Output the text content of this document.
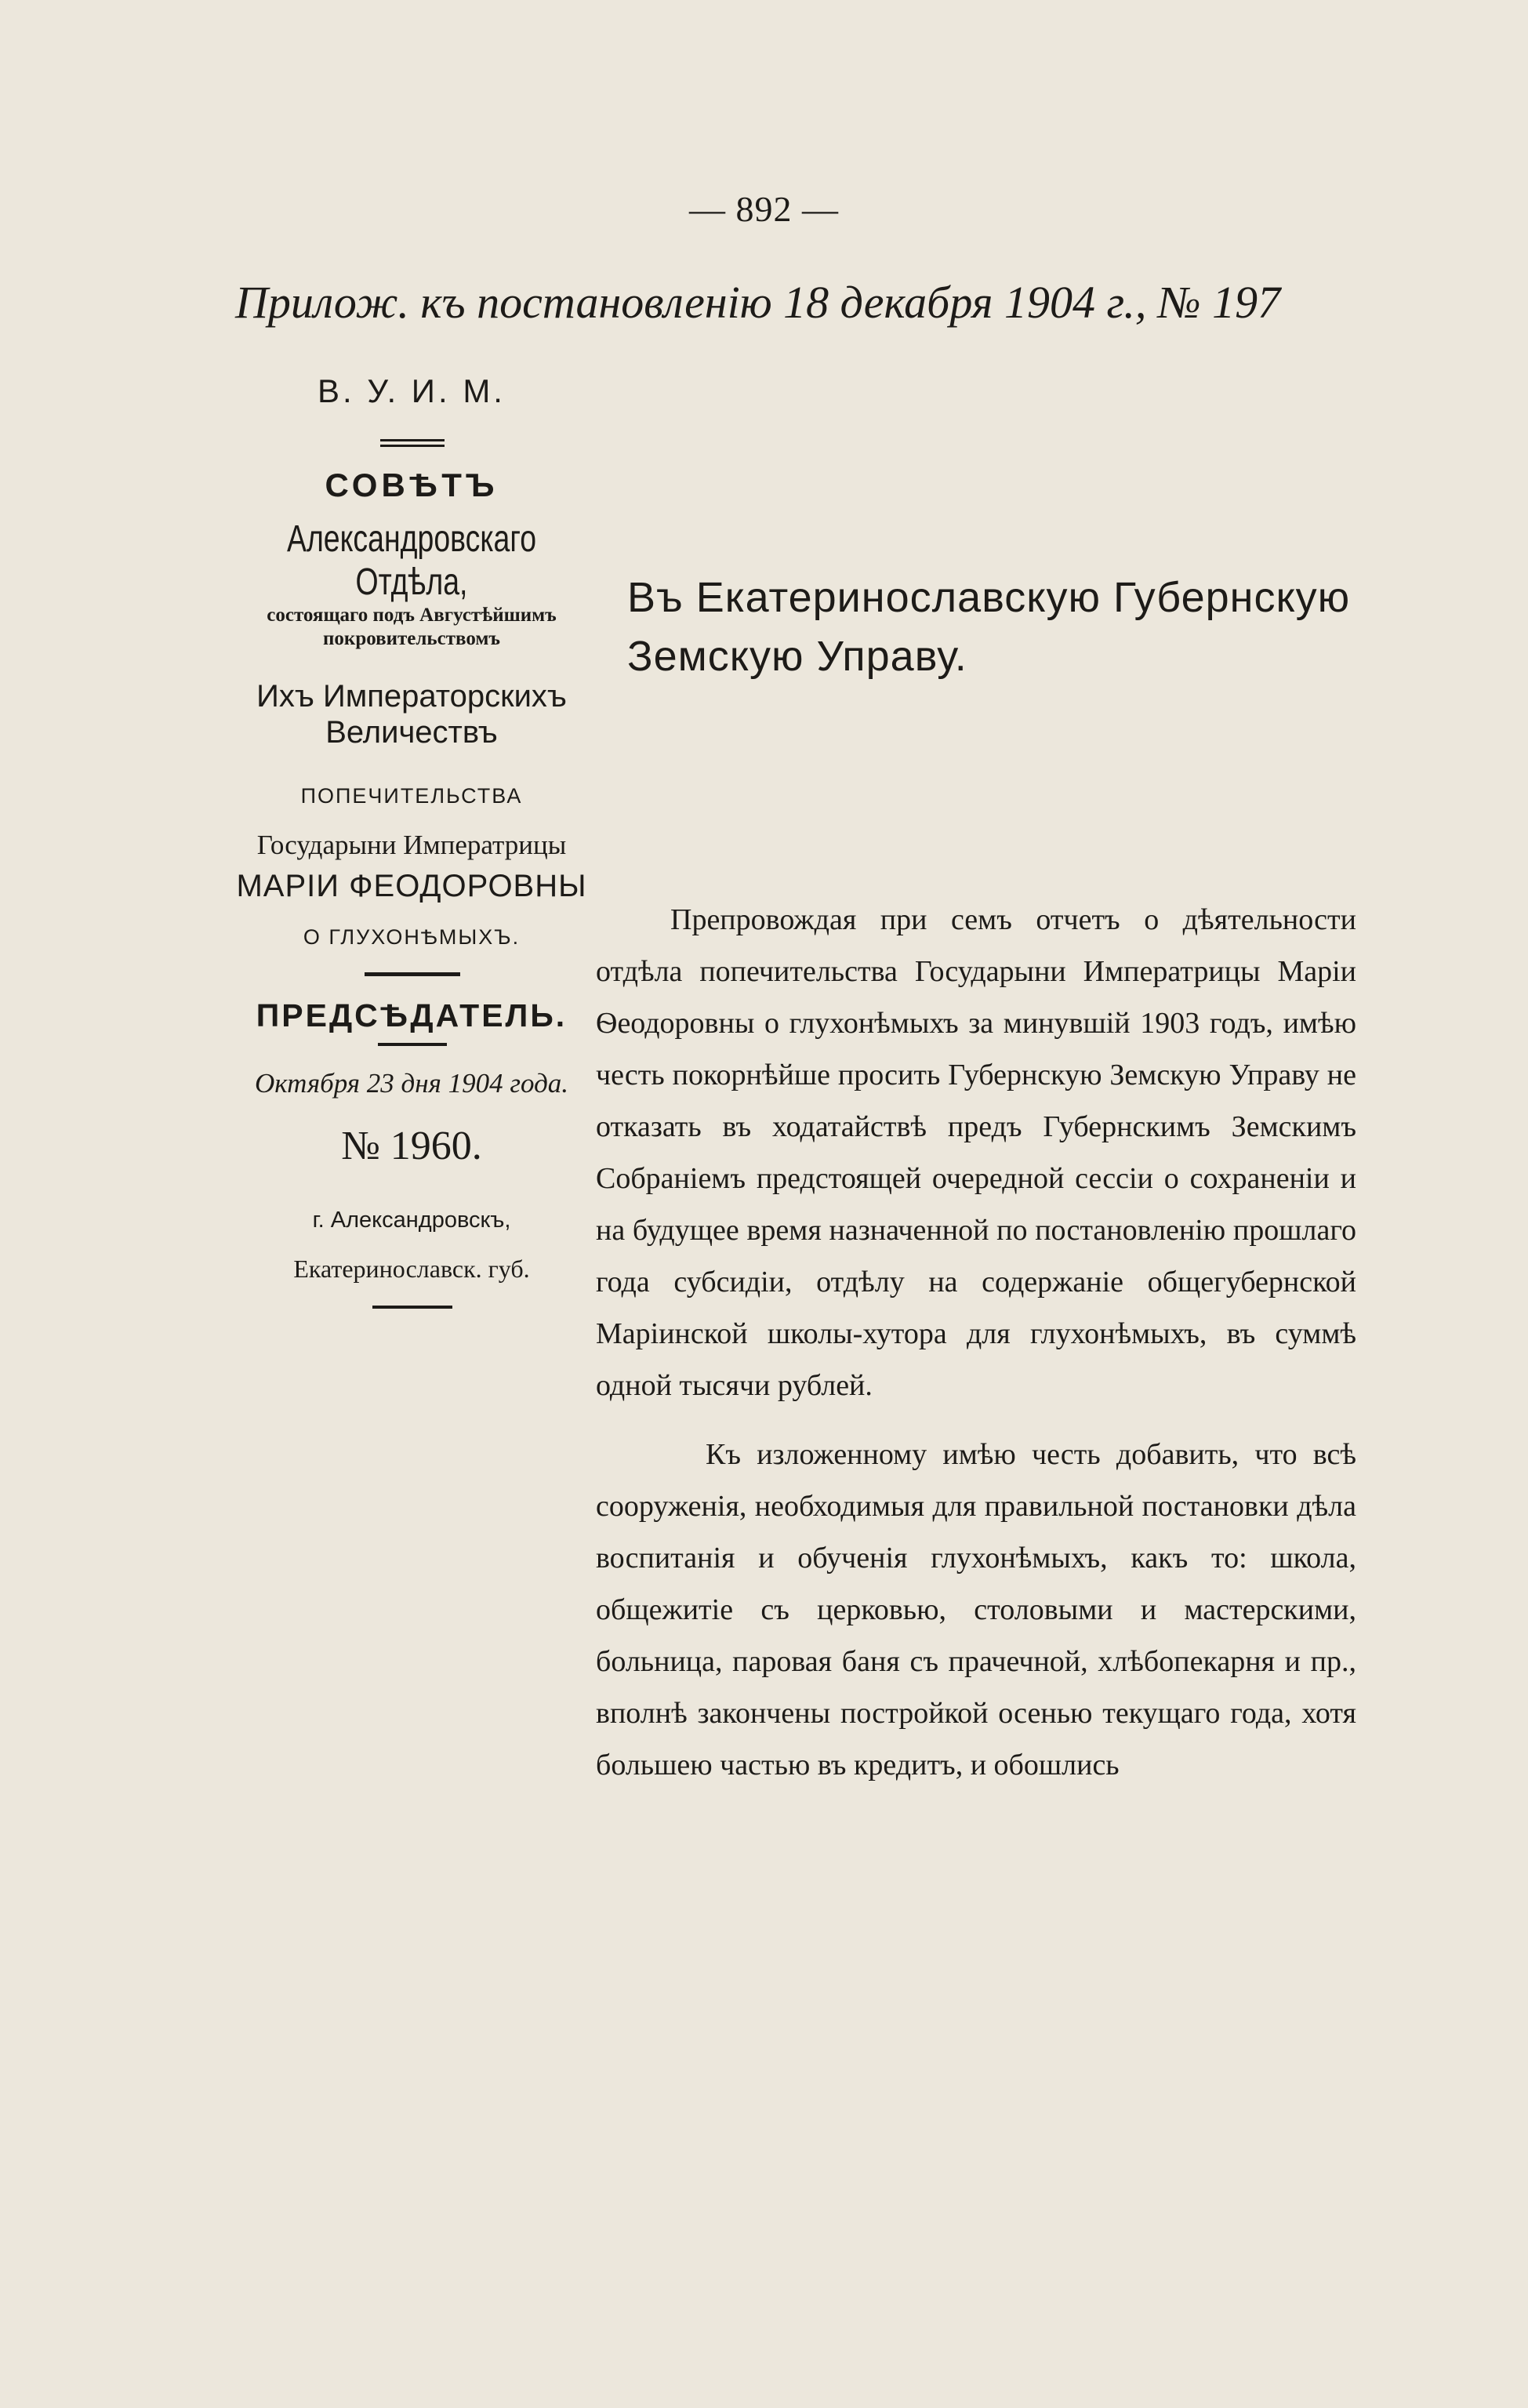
— 892 —
Прилож. къ постановленію 18 декабря 1904 г., № 197
В. У. И. М.
СОВѢТЪ
Александровскаго Отдѣла,
состоящаго подъ Августѣйшимъ покровительствомъ
Ихъ Императорскихъ
Величествъ
ПОПЕЧИТЕЛЬСТВА
Государыни Императрицы
МАРІИ ФЕОДОРОВНЫ
О ГЛУХОНѢМЫХЪ.
ПРЕДСѢДАТЕЛЬ.
Октября 23 дня 1904 года.
№ 1960.
г. Александровскъ,
Екатеринославск. губ.
Въ Екатеринославскую Губернскую Земскую Управу.

Препровождая при семъ отчетъ о дѣятельности отдѣла попечительства Государыни Императрицы Маріи Ѳеодоровны о глухонѣмыхъ за минувшій 1903 годъ, имѣю честь покорнѣйше просить Губернскую Земскую Управу не отказать въ ходатайствѣ предъ Губернскимъ Земскимъ Собраніемъ предстоящей очередной сессіи о сохраненіи и на будущее время назначенной по постановленію прошлаго года субсидіи, отдѣлу на содержаніе общегубернской Маріинской школы-хутора для глухонѣмыхъ, въ суммѣ одной тысячи рублей.

Къ изложенному имѣю честь добавить, что всѣ сооруженія, необходимыя для правильной постановки дѣла воспитанія и обученія глухонѣмыхъ, какъ то: школа, общежитіе съ церковью, столовыми и мастерскими, больница, паровая баня съ прачечной, хлѣбопекарня и пр., вполнѣ закончены постройкой осенью текущаго года, хотя большею частью въ кредитъ, и обошлись
